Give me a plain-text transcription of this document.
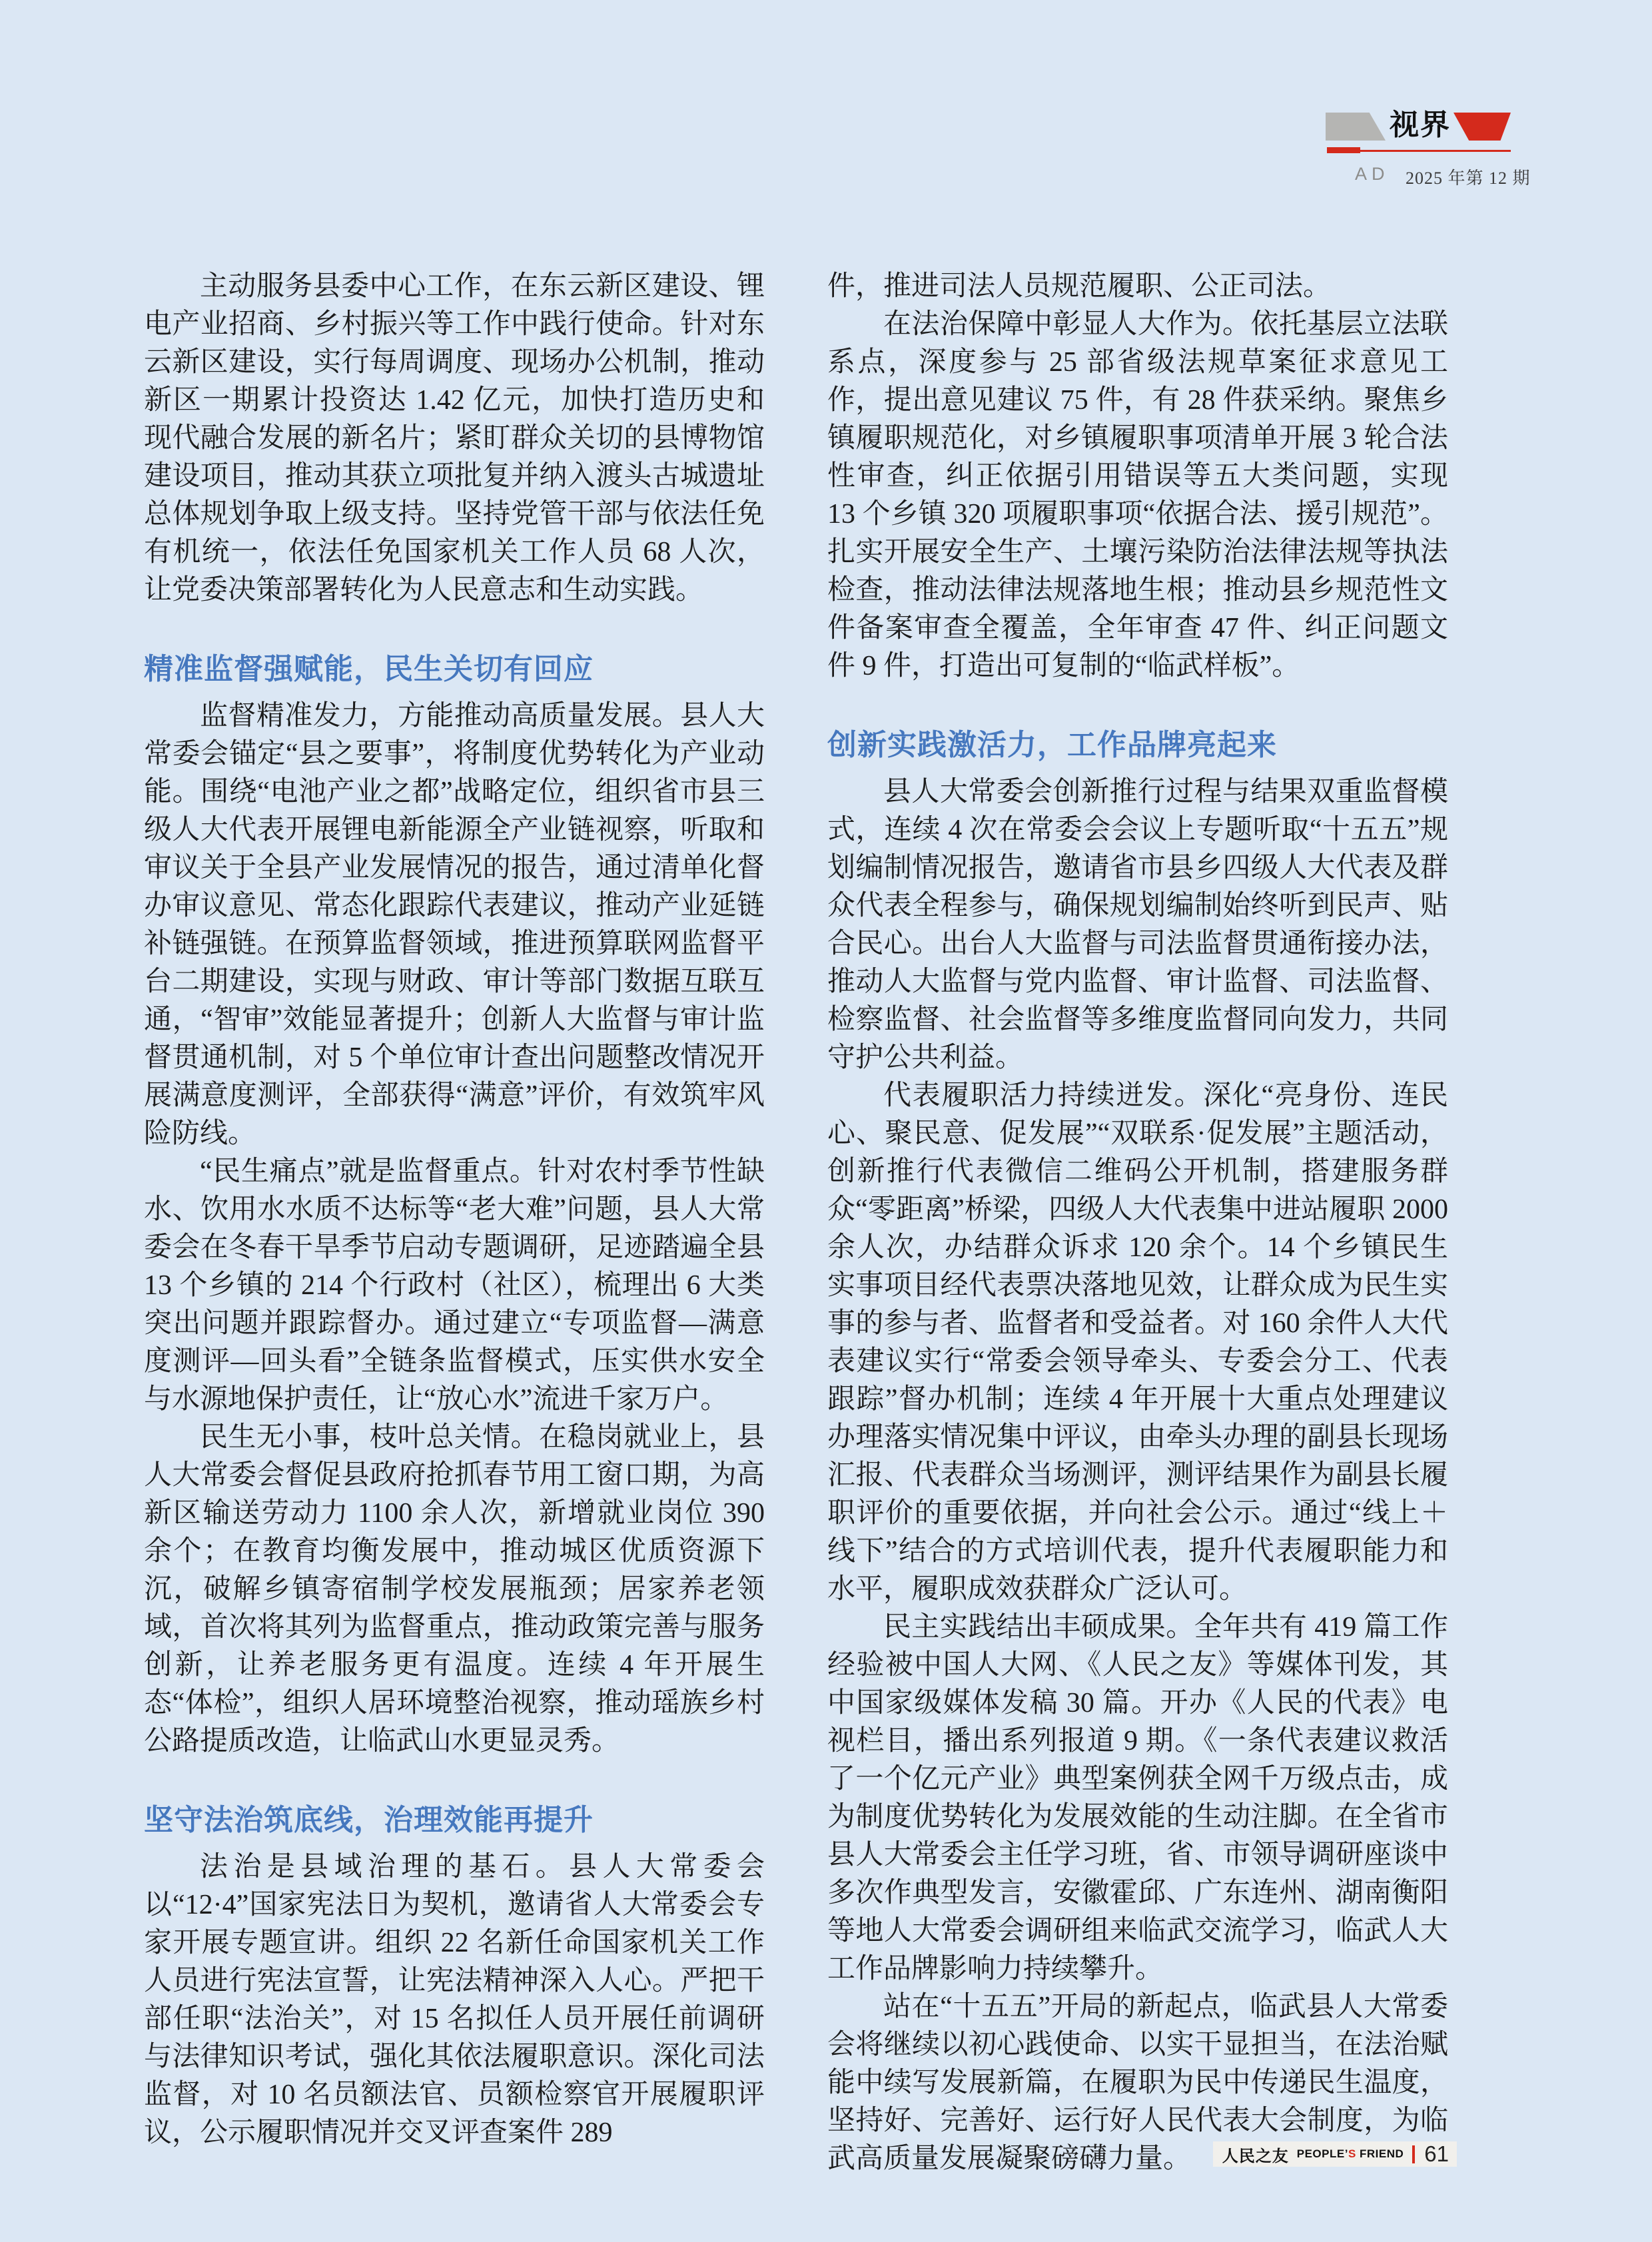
视界
AD 2025 年第 12 期

主动服务县委中心工作，在东云新区建设、锂电产业招商、乡村振兴等工作中践行使命。针对东云新区建设，实行每周调度、现场办公机制，推动新区一期累计投资达 1.42 亿元，加快打造历史和现代融合发展的新名片；紧盯群众关切的县博物馆建设项目，推动其获立项批复并纳入渡头古城遗址总体规划争取上级支持。坚持党管干部与依法任免有机统一，依法任免国家机关工作人员 68 人次，让党委决策部署转化为人民意志和生动实践。

精准监督强赋能，民生关切有回应

监督精准发力，方能推动高质量发展。县人大常委会锚定“县之要事”，将制度优势转化为产业动能。围绕“电池产业之都”战略定位，组织省市县三级人大代表开展锂电新能源全产业链视察，听取和审议关于全县产业发展情况的报告，通过清单化督办审议意见、常态化跟踪代表建议，推动产业延链补链强链。在预算监督领域，推进预算联网监督平台二期建设，实现与财政、审计等部门数据互联互通，“智审”效能显著提升；创新人大监督与审计监督贯通机制，对 5 个单位审计查出问题整改情况开展满意度测评，全部获得“满意”评价，有效筑牢风险防线。

“民生痛点”就是监督重点。针对农村季节性缺水、饮用水水质不达标等“老大难”问题，县人大常委会在冬春干旱季节启动专题调研，足迹踏遍全县 13 个乡镇的 214 个行政村（社区），梳理出 6 大类突出问题并跟踪督办。通过建立“专项监督—满意度测评—回头看”全链条监督模式，压实供水安全与水源地保护责任，让“放心水”流进千家万户。

民生无小事，枝叶总关情。在稳岗就业上，县人大常委会督促县政府抢抓春节用工窗口期，为高新区输送劳动力 1100 余人次，新增就业岗位 390 余个；在教育均衡发展中，推动城区优质资源下沉，破解乡镇寄宿制学校发展瓶颈；居家养老领域，首次将其列为监督重点，推动政策完善与服务创新，让养老服务更有温度。连续 4 年开展生态“体检”，组织人居环境整治视察，推动瑶族乡村公路提质改造，让临武山水更显灵秀。

坚守法治筑底线，治理效能再提升

法治是县域治理的基石。县人大常委会以“12·4”国家宪法日为契机，邀请省人大常委会专家开展专题宣讲。组织 22 名新任命国家机关工作人员进行宪法宣誓，让宪法精神深入人心。严把干部任职“法治关”，对 15 名拟任人员开展任前调研与法律知识考试，强化其依法履职意识。深化司法监督，对 10 名员额法官、员额检察官开展履职评议，公示履职情况并交叉评查案件 289

件，推进司法人员规范履职、公正司法。

在法治保障中彰显人大作为。依托基层立法联系点，深度参与 25 部省级法规草案征求意见工作，提出意见建议 75 件，有 28 件获采纳。聚焦乡镇履职规范化，对乡镇履职事项清单开展 3 轮合法性审查，纠正依据引用错误等五大类问题，实现 13 个乡镇 320 项履职事项“依据合法、援引规范”。扎实开展安全生产、土壤污染防治法律法规等执法检查，推动法律法规落地生根；推动县乡规范性文件备案审查全覆盖，全年审查 47 件、纠正问题文件 9 件，打造出可复制的“临武样板”。

创新实践激活力，工作品牌亮起来

县人大常委会创新推行过程与结果双重监督模式，连续 4 次在常委会会议上专题听取“十五五”规划编制情况报告，邀请省市县乡四级人大代表及群众代表全程参与，确保规划编制始终听到民声、贴合民心。出台人大监督与司法监督贯通衔接办法，推动人大监督与党内监督、审计监督、司法监督、检察监督、社会监督等多维度监督同向发力，共同守护公共利益。

代表履职活力持续迸发。深化“亮身份、连民心、聚民意、促发展”“双联系·促发展”主题活动，创新推行代表微信二维码公开机制，搭建服务群众“零距离”桥梁，四级人大代表集中进站履职 2000 余人次，办结群众诉求 120 余个。14 个乡镇民生实事项目经代表票决落地见效，让群众成为民生实事的参与者、监督者和受益者。对 160 余件人大代表建议实行“常委会领导牵头、专委会分工、代表跟踪”督办机制；连续 4 年开展十大重点处理建议办理落实情况集中评议，由牵头办理的副县长现场汇报、代表群众当场测评，测评结果作为副县长履职评价的重要依据，并向社会公示。通过“线上＋线下”结合的方式培训代表，提升代表履职能力和水平，履职成效获群众广泛认可。

民主实践结出丰硕成果。全年共有 419 篇工作经验被中国人大网、《人民之友》等媒体刊发，其中国家级媒体发稿 30 篇。开办《人民的代表》电视栏目，播出系列报道 9 期。《一条代表建议救活了一个亿元产业》典型案例获全网千万级点击，成为制度优势转化为发展效能的生动注脚。在全省市县人大常委会主任学习班，省、市领导调研座谈中多次作典型发言，安徽霍邱、广东连州、湖南衡阳等地人大常委会调研组来临武交流学习，临武人大工作品牌影响力持续攀升。

站在“十五五”开局的新起点，临武县人大常委会将继续以初心践使命、以实干显担当，在法治赋能中续写发展新篇，在履职为民中传递民生温度，坚持好、完善好、运行好人民代表大会制度，为临武高质量发展凝聚磅礴力量。	人民之友 PEOPLE’S FRIEND 61
